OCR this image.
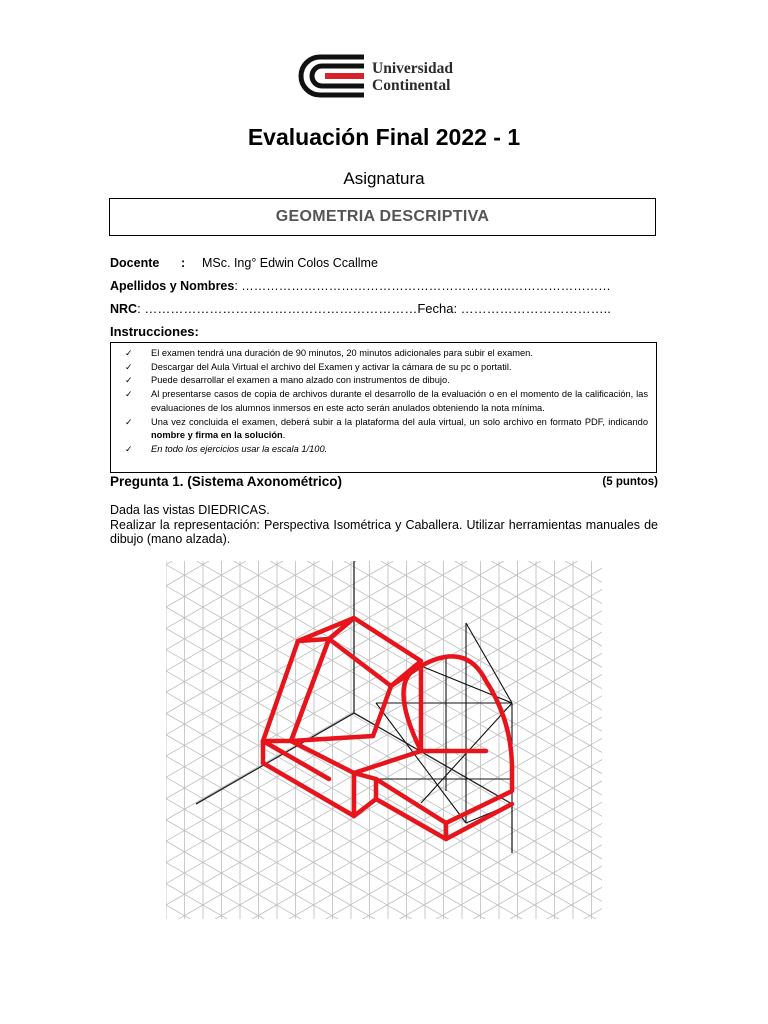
Universidad
Continental
Evaluación Final 2022 - 1
Asignatura
GEOMETRIA DESCRIPTIVA
Docente : MSc. Ing° Edwin Colos Ccallme
Apellidos y Nombres: ………………………………………………………..……………………
NRC: ………………………………………………………Fecha: ……………………………..
Instrucciones:
✓ El examen tendrá una duración de 90 minutos, 20 minutos adicionales para subir el examen.
✓ Descargar del Aula Virtual el archivo del Examen y activar la cámara de su pc o portatil.
✓ Puede desarrollar el examen a mano alzado con instrumentos de dibujo.
✓ Al presentarse casos de copia de archivos durante el desarrollo de la evaluación o en el momento de la calificación, las evaluaciones de los alumnos inmersos en este acto serán anulados obteniendo la nota mínima.
✓ Una vez concluida el examen, deberá subir a la plataforma del aula virtual, un solo archivo en formato PDF, indicando nombre y firma en la solución.
✓ En todo los ejercicios usar la escala 1/100.
Pregunta 1. (Sistema Axonométrico)	(5 puntos)
Dada las vistas DIEDRICAS.
Realizar la representación: Perspectiva Isométrica y Caballera. Utilizar herramientas manuales de dibujo (mano alzada).
